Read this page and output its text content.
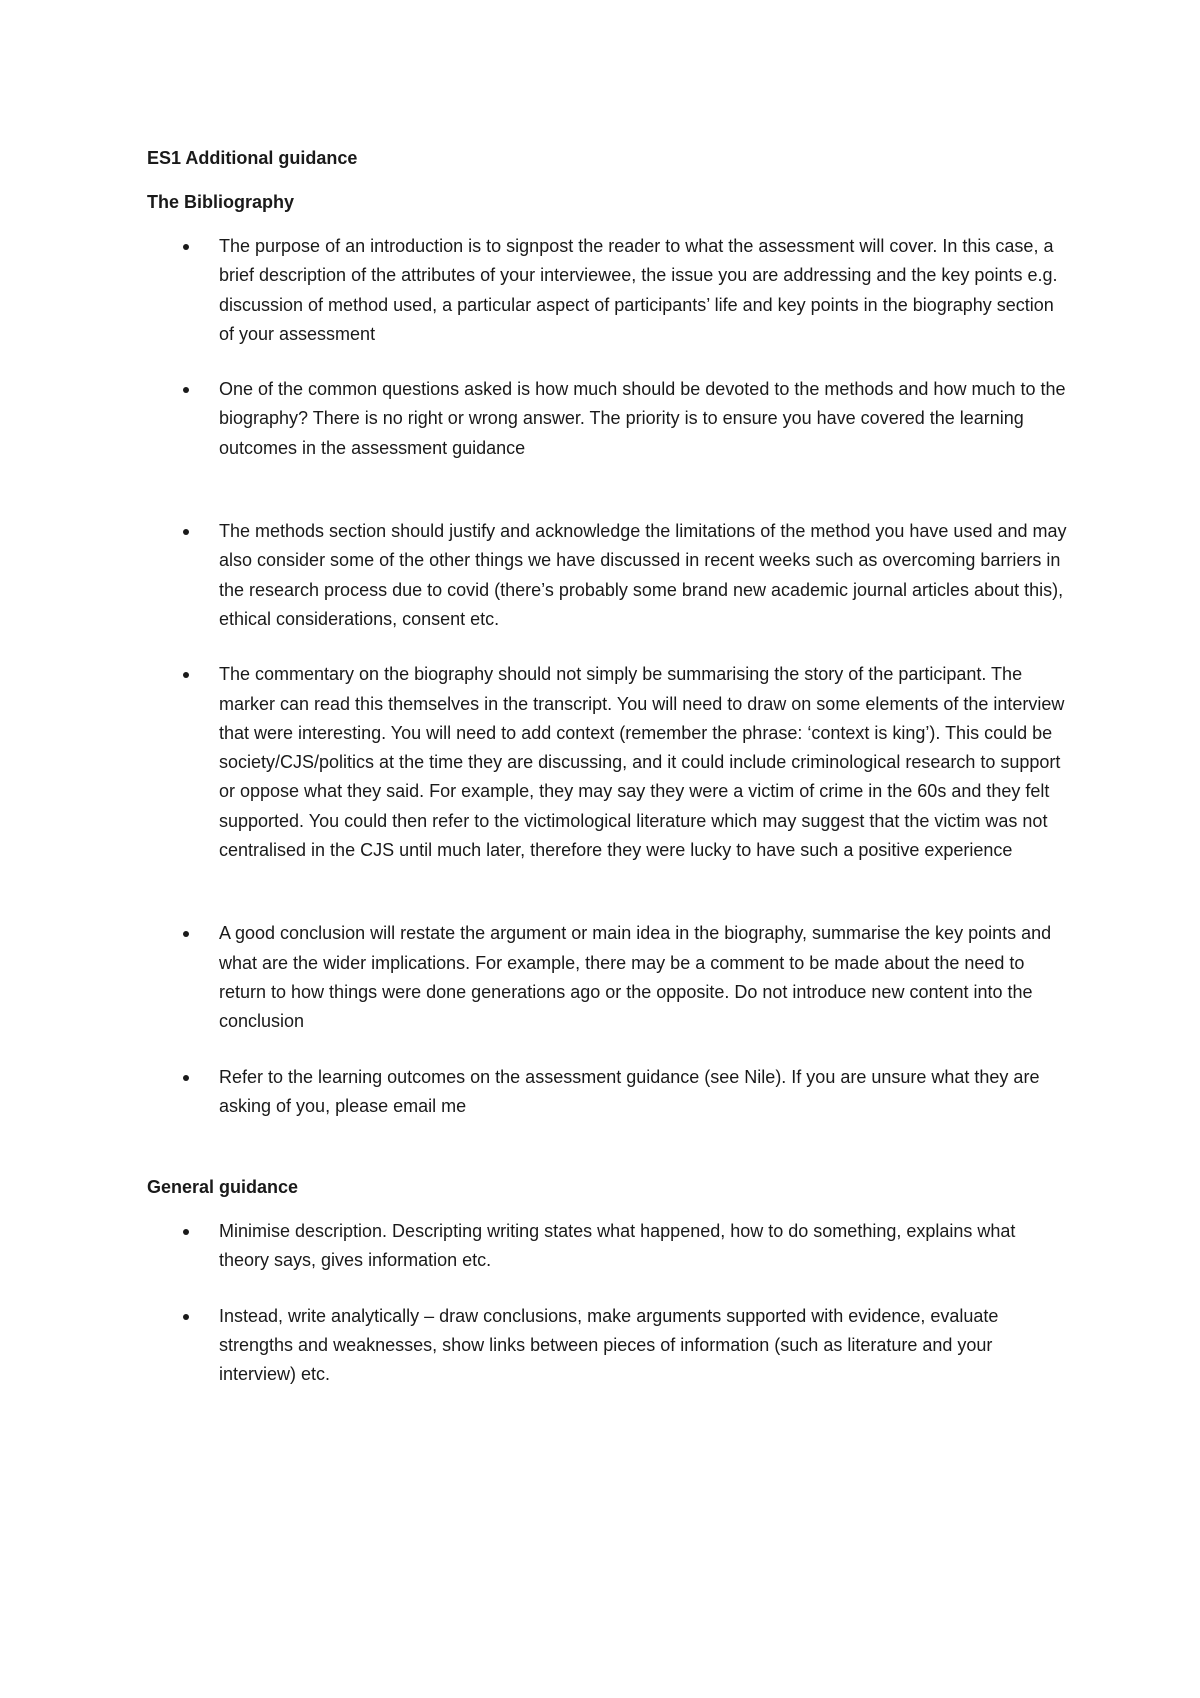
ES1 Additional guidance
The Bibliography
The purpose of an introduction is to signpost the reader to what the assessment will cover. In this case, a brief description of the attributes of your interviewee, the issue you are addressing and the key points e.g. discussion of method used, a particular aspect of participants’ life and key points in the biography section of your assessment
One of the common questions asked is how much should be devoted to the methods and how much to the biography? There is no right or wrong answer. The priority is to ensure you have covered the learning outcomes in the assessment guidance
The methods section should justify and acknowledge the limitations of the method you have used and may also consider some of the other things we have discussed in recent weeks such as overcoming barriers in the research process due to covid (there’s probably some brand new academic journal articles about this), ethical considerations, consent etc.
The commentary on the biography should not simply be summarising the story of the participant. The marker can read this themselves in the transcript. You will need to draw on some elements of the interview that were interesting. You will need to add context (remember the phrase: ‘context is king’). This could be society/CJS/politics at the time they are discussing, and it could include criminological research to support or oppose what they said. For example, they may say they were a victim of crime in the 60s and they felt supported. You could then refer to the victimological literature which may suggest that the victim was not centralised in the CJS until much later, therefore they were lucky to have such a positive experience
A good conclusion will restate the argument or main idea in the biography, summarise the key points and what are the wider implications. For example, there may be a comment to be made about the need to return to how things were done generations ago or the opposite. Do not introduce new content into the conclusion
Refer to the learning outcomes on the assessment guidance (see Nile). If you are unsure what they are asking of you, please email me
General guidance
Minimise description. Descripting writing states what happened, how to do something, explains what theory says, gives information etc.
Instead, write analytically – draw conclusions, make arguments supported with evidence, evaluate strengths and weaknesses, show links between pieces of information (such as literature and your interview) etc.
